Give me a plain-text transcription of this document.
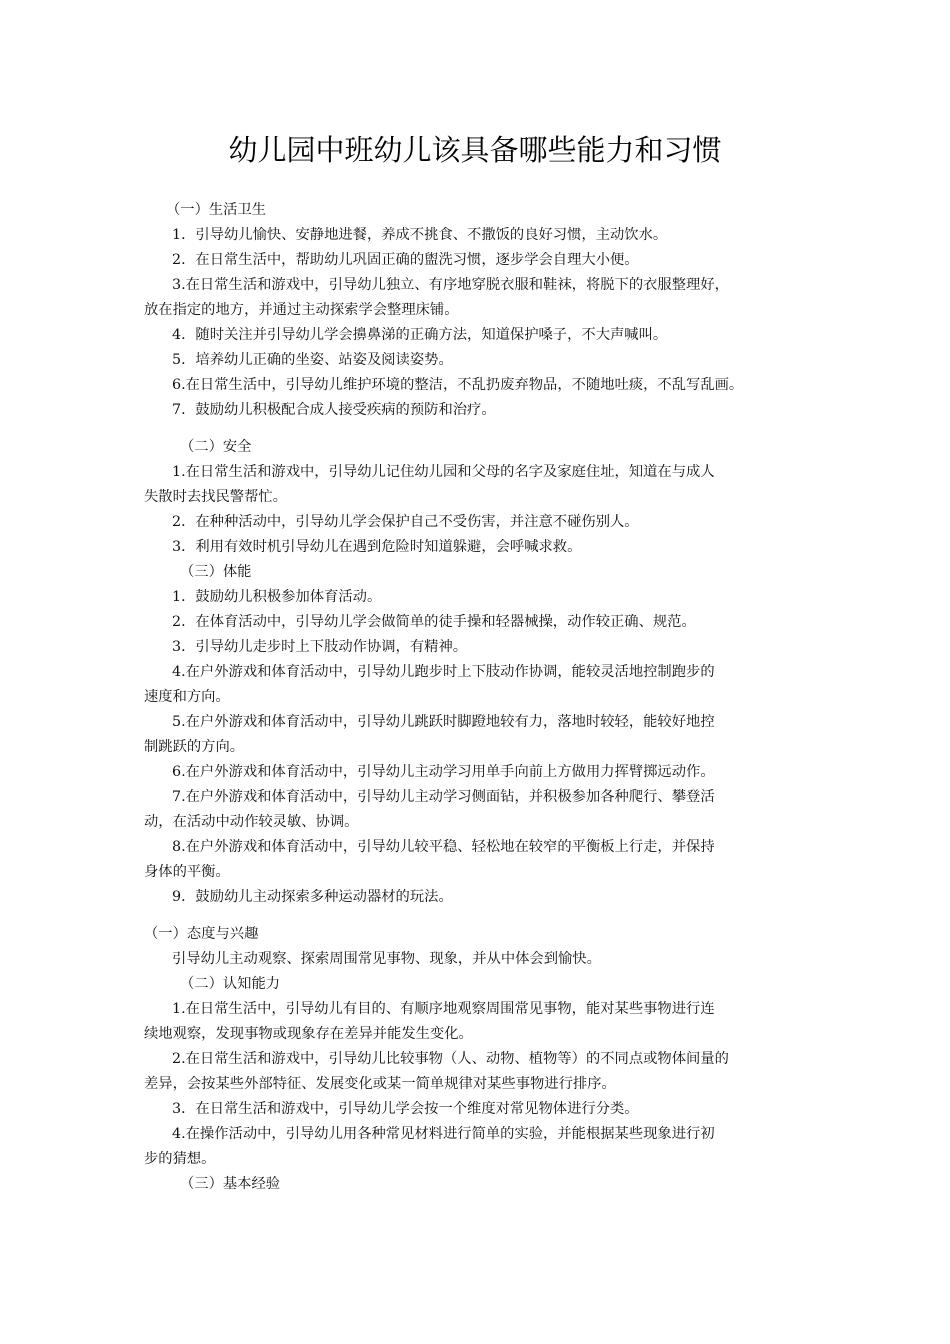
幼儿园中班幼儿该具备哪些能力和习惯
（一）生活卫生
1．引导幼儿愉快、安静地进餐，养成不挑食、不撒饭的良好习惯，主动饮水。
2．在日常生活中，帮助幼儿巩固正确的盥洗习惯，逐步学会自理大小便。
3.在日常生活和游戏中，引导幼儿独立、有序地穿脱衣服和鞋袜，将脱下的衣服整理好，
放在指定的地方，并通过主动探索学会整理床铺。
4．随时关注并引导幼儿学会擤鼻涕的正确方法，知道保护嗓子，不大声喊叫。
5．培养幼儿正确的坐姿、站姿及阅读姿势。
6.在日常生活中，引导幼儿维护环境的整洁，不乱扔废弃物品，不随地吐痰，不乱写乱画。
7．鼓励幼儿积极配合成人接受疾病的预防和治疗。
（二）安全
1.在日常生活和游戏中，引导幼儿记住幼儿园和父母的名字及家庭住址，知道在与成人
失散时去找民警帮忙。
2．在种种活动中，引导幼儿学会保护自己不受伤害，并注意不碰伤别人。
3．利用有效时机引导幼儿在遇到危险时知道躲避，会呼喊求救。
（三）体能
1．鼓励幼儿积极参加体育活动。
2．在体育活动中，引导幼儿学会做简单的徒手操和轻器械操，动作较正确、规范。
3．引导幼儿走步时上下肢动作协调，有精神。
4.在户外游戏和体育活动中，引导幼儿跑步时上下肢动作协调，能较灵活地控制跑步的
速度和方向。
5.在户外游戏和体育活动中，引导幼儿跳跃时脚蹬地较有力，落地时较轻，能较好地控
制跳跃的方向。
6.在户外游戏和体育活动中，引导幼儿主动学习用单手向前上方做用力挥臂掷远动作。
7.在户外游戏和体育活动中，引导幼儿主动学习侧面钻，并积极参加各种爬行、攀登活
动，在活动中动作较灵敏、协调。
8.在户外游戏和体育活动中，引导幼儿较平稳、轻松地在较窄的平衡板上行走，并保持
身体的平衡。
9．鼓励幼儿主动探索多种运动器材的玩法。
（一）态度与兴趣
引导幼儿主动观察、探索周围常见事物、现象，并从中体会到愉快。
（二）认知能力
1.在日常生活中，引导幼儿有目的、有顺序地观察周围常见事物，能对某些事物进行连
续地观察，发现事物或现象存在差异并能发生变化。
2.在日常生活和游戏中，引导幼儿比较事物（人、动物、植物等）的不同点或物体间量的
差异，会按某些外部特征、发展变化或某一简单规律对某些事物进行排序。
3．在日常生活和游戏中，引导幼儿学会按一个维度对常见物体进行分类。
4.在操作活动中，引导幼儿用各种常见材料进行简单的实验，并能根据某些现象进行初
步的猜想。
（三）基本经验
